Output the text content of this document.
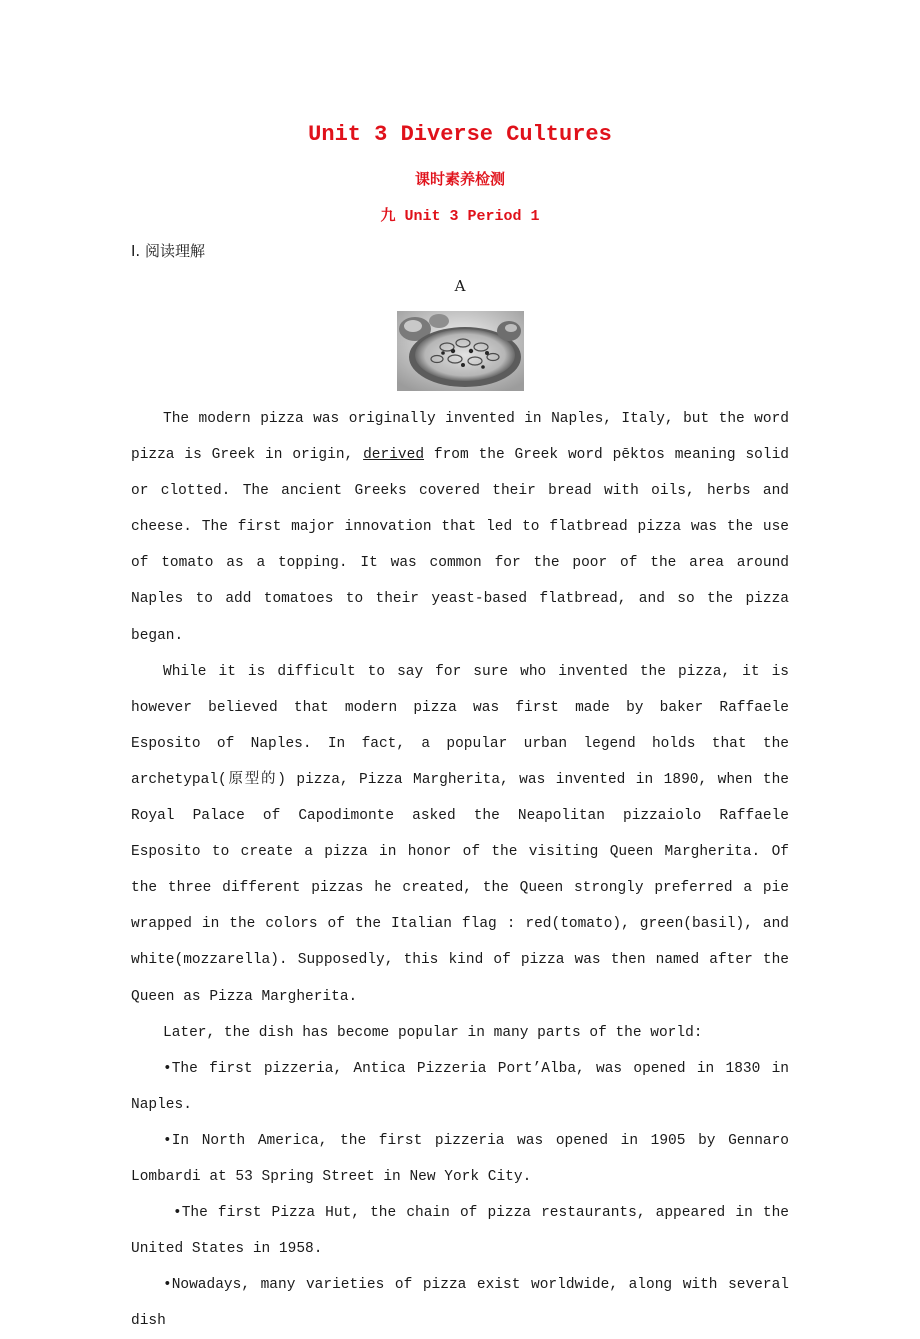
Unit 3 Diverse Cultures
课时素养检测
九 Unit 3 Period 1
Ⅰ. 阅读理解
A

The modern pizza was originally invented in Naples, Italy, but the word pizza is Greek in origin, derived from the Greek word pēktos meaning solid or clotted. The ancient Greeks covered their bread with oils, herbs and cheese. The first major innovation that led to flatbread pizza was the use of tomato as a topping. It was common for the poor of the area around Naples to add tomatoes to their yeast-based flatbread, and so the pizza began.

While it is difficult to say for sure who invented the pizza, it is however believed that modern pizza was first made by baker Raffaele Esposito of Naples. In fact, a popular urban legend holds that the archetypal(原型的) pizza, Pizza Margherita, was invented in 1890, when the Royal Palace of Capodimonte asked the Neapolitan pizzaiolo Raffaele Esposito to create a pizza in honor of the visiting Queen Margherita. Of the three different pizzas he created, the Queen strongly preferred a pie wrapped in the colors of the Italian flag : red(tomato), green(basil), and white(mozzarella). Supposedly, this kind of pizza was then named after the Queen as Pizza Margherita.

Later, the dish has become popular in many parts of the world:

•The first pizzeria, Antica Pizzeria Port’Alba, was opened in 1830 in Naples.

•In North America, the first pizzeria was opened in 1905 by Gennaro Lombardi at 53 Spring Street in New York City.

•The first Pizza Hut, the chain of pizza restaurants, appeared in the United States in 1958.

•Nowadays, many varieties of pizza exist worldwide, along with several dish
